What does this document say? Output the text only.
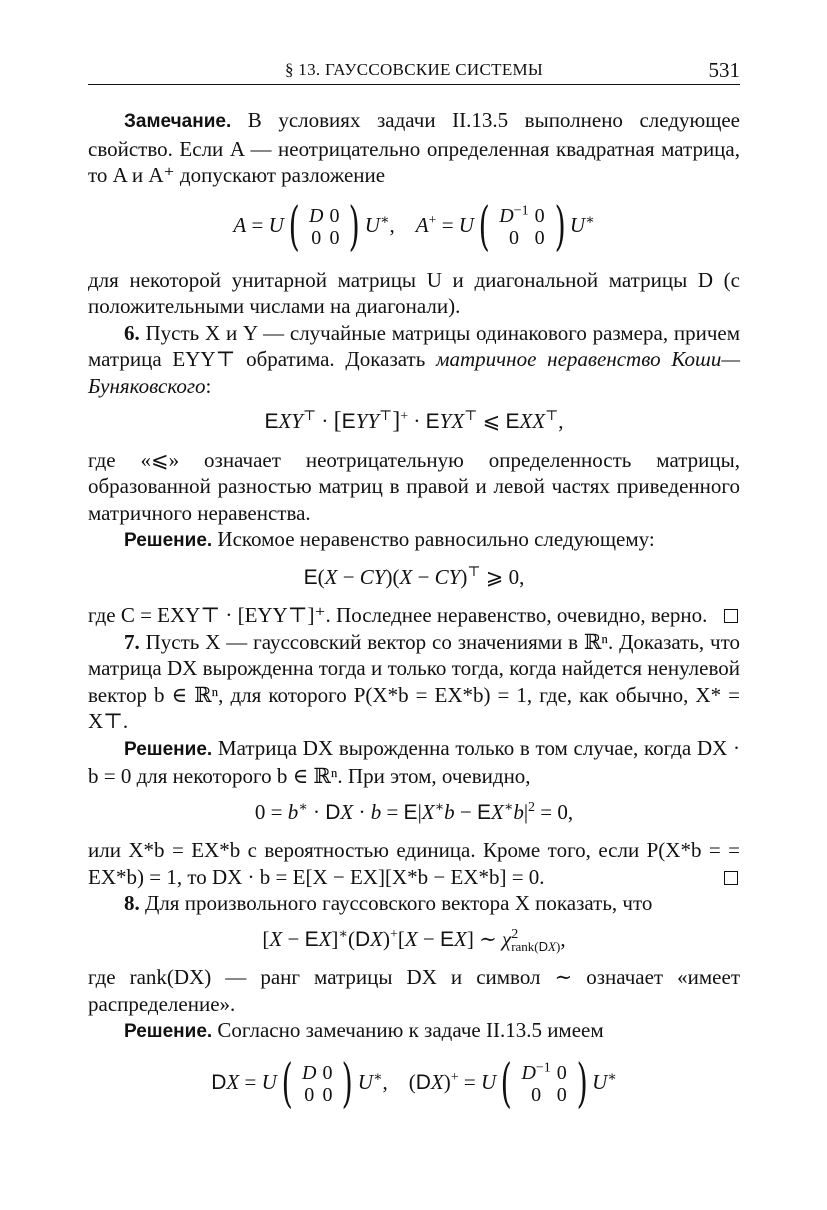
§ 13. ГАУССОВСКИЕ СИСТЕМЫ	531

Замечание. В условиях задачи II.13.5 выполнено следующее свойство. Если A — неотрицательно определенная квадратная матрица, то A и A⁺ допускают разложение

A = U( D	0
0	0 ) U∗,    A+ = U( $D^{-1}$	0
0	0 ) U∗

для некоторой унитарной матрицы U и диагональной матрицы D (с положительными числами на диагонали).

6. Пусть X и Y — случайные матрицы одинакового размера, причем матрица EYY⊤ обратима. Доказать матричное неравенство Коши—Буняковского:

EXY⊤ · [EYY⊤]+ · EYX⊤ ⩽ EXX⊤,

где «⩽» означает неотрицательную определенность матрицы, образованной разностью матриц в правой и левой частях приведенного матричного неравенства.

Решение. Искомое неравенство равносильно следующему:

E(X − CY)(X − CY)⊤ ⩾ 0,

где C = EXY⊤ · [EYY⊤]⁺. Последнее неравенство, очевидно, верно.

7. Пусть X — гауссовский вектор со значениями в ℝⁿ. Доказать, что матрица DX вырожденна тогда и только тогда, когда найдется ненулевой вектор b ∈ ℝⁿ, для которого P(X*b = EX*b) = 1, где, как обычно, X* = X⊤.

Решение. Матрица DX вырожденна только в том случае, когда DX · b = 0 для некоторого b ∈ ℝⁿ. При этом, очевидно,

0 = b∗ · DX · $b = E|X^∗b - EX^∗b|^2 = 0$,

или X*b = EX*b с вероятностью единица. Кроме того, если P(X*b = = EX*b) = 1, то DX · b = E[X − EX][X*b − EX*b] = 0.

8. Для произвольного гауссовского вектора X показать, что

[X − EX]∗(DX)+[X − EX] ∼ $\chi^2_{rank(DX)}$,

где rank(DX) — ранг матрицы DX и символ ∼ означает «имеет распределение».

Решение. Согласно замечанию к задаче II.13.5 имеем

DX = U( D	0
0	0 ) U∗,    (DX)+ = U( $D^{-1}$	0
0	0 ) U∗
